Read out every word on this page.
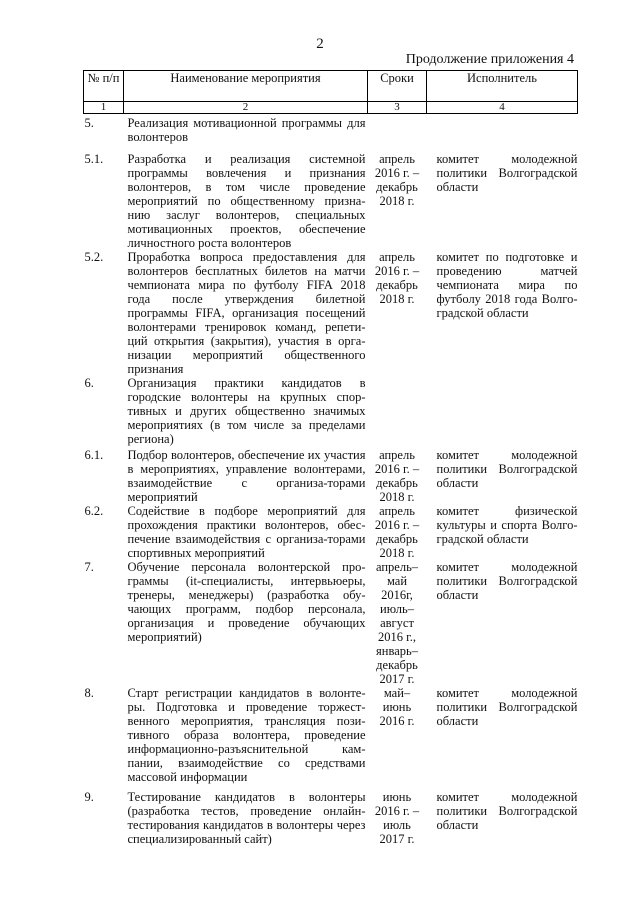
2
Продолжение приложения 4
№ п/п	Наименование мероприятия	Сроки	Исполнитель
1	2	3	4
5.	Реализация мотивационной программы для волонтеров		
5.1.	Разработка и реализация системной программы вовлечения и признания волонтеров, в том числе проведение мероприятий по общественному призна-нию заслуг волонтеров, специальных мотивационных проектов, обеспечение личностного роста волонтеров	апрель 2016 г. – декабрь 2018 г.	комитет молодежной политики Волгоградской области
5.2.	Проработка вопроса предоставления для волонтеров бесплатных билетов на матчи чемпионата мира по футболу FIFA 2018 года после утверждения билетной программы FIFA, организация посещений волонтерами тренировок команд, репети-ций открытия (закрытия), участия в орга-низации мероприятий общественного признания	апрель 2016 г. – декабрь 2018 г.	комитет по подготовке и проведению матчей чемпионата мира по футболу 2018 года Волго-градской области
6.	Организация практики кандидатов в городские волонтеры на крупных спор-тивных и других общественно значимых мероприятиях (в том числе за пределами региона)		
6.1.	Подбор волонтеров, обеспечение их участия в мероприятиях, управление волонтерами, взаимодействие с организа-торами мероприятий	апрель 2016 г. – декабрь 2018 г.	комитет молодежной политики Волгоградской области
6.2.	Содействие в подборе мероприятий для прохождения практики волонтеров, обес-печение взаимодействия с организа-торами спортивных мероприятий	апрель 2016 г. – декабрь 2018 г.	комитет физической культуры и спорта Волго-градской области
7.	Обучение персонала волонтерской про-граммы (it-специалисты, интервьюеры, тренеры, менеджеры) (разработка обу-чающих программ, подбор персонала, организация и проведение обучающих мероприятий)	апрель– май 2016г, июль– август 2016 г., январь– декабрь 2017 г.	комитет молодежной политики Волгоградской области
8.	Старт регистрации кандидатов в волонте-ры. Подготовка и проведение торжест-венного мероприятия, трансляция пози-тивного образа волонтера, проведение информационно-разъяснительной кам-пании, взаимодействие со средствами массовой информации	май– июнь 2016 г.	комитет молодежной политики Волгоградской области
9.	Тестирование кандидатов в волонтеры (разработка тестов, проведение онлайн-тестирования кандидатов в волонтеры через специализированный сайт)	июнь 2016 г. – июль 2017 г.	комитет молодежной политики Волгоградской области
